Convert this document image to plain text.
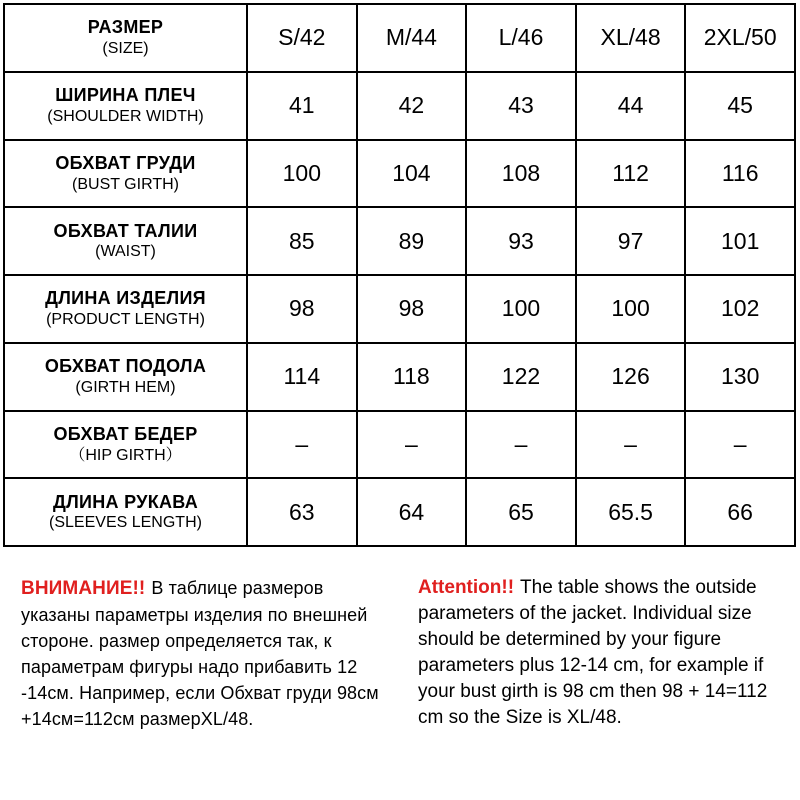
РАЗМЕР
(SIZE)	S/42	M/44	L/46	XL/48	2XL/50

ШИРИНА ПЛЕЧ
(SHOULDER WIDTH)	41	42	43	44	45

ОБХВАТ ГРУДИ
(BUST GIRTH)	100	104	108	112	116

ОБХВАТ ТАЛИИ
(WAIST)	85	89	93	97	101

ДЛИНА ИЗДЕЛИЯ
(PRODUCT LENGTH)	98	98	100	100	102

ОБХВАТ ПОДОЛА
(GIRTH HEM)	114	118	122	126	130

ОБХВАТ БЕДЕР
（HIP GIRTH）	–	–	–	–	–

ДЛИНА РУКАВА
(SLEEVES LENGTH)	63	64	65	65.5	66
ВНИМАНИЕ!! В таблице размеров указаны параметры изделия по внешней стороне. размер определяется так, к параметрам фигуры надо прибавить 12 -14см. Например, если Обхват груди 98см +14см=112см размерXL/48.
Attention!! The table shows the outside parameters of the jacket. Individual size should be determined by your figure parameters plus 12-14 cm, for example if your bust girth is 98 cm then 98 + 14=112 cm so the Size is XL/48.
